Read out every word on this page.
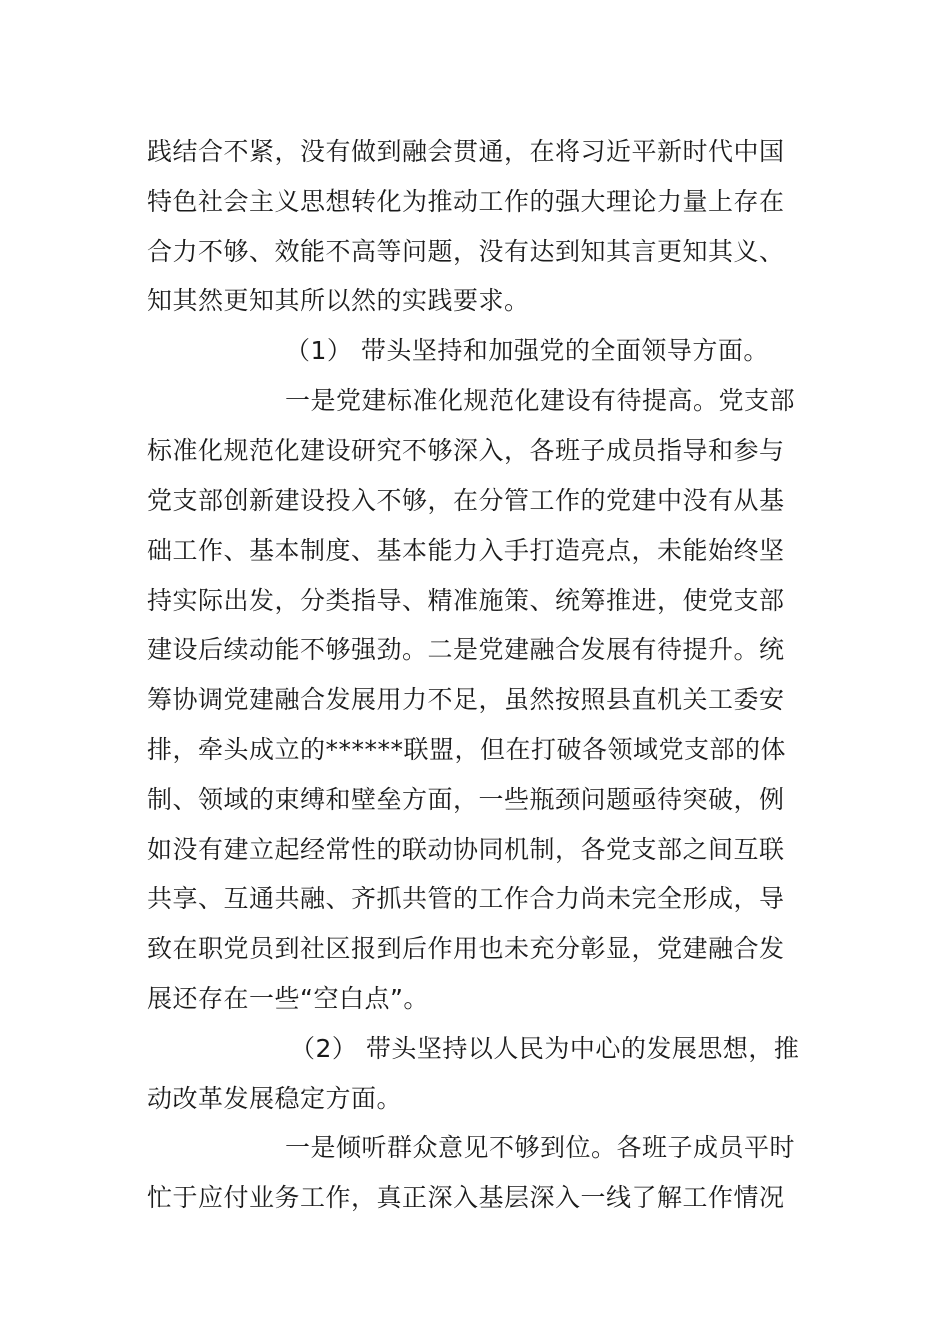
践结合不紧，没有做到融会贯通，在将习近平新时代中国
特色社会主义思想转化为推动工作的强大理论力量上存在
合力不够、效能不高等问题，没有达到知其言更知其义、
知其然更知其所以然的实践要求。
（1） 带头坚持和加强党的全面领导方面。
一是党建标准化规范化建设有待提高。党支部
标准化规范化建设研究不够深入，各班子成员指导和参与
党支部创新建设投入不够，在分管工作的党建中没有从基
础工作、基本制度、基本能力入手打造亮点，未能始终坚
持实际出发，分类指导、精准施策、统筹推进，使党支部
建设后续动能不够强劲。二是党建融合发展有待提升。统
筹协调党建融合发展用力不足，虽然按照县直机关工委安
排，牵头成立的******联盟，但在打破各领域党支部的体
制、领域的束缚和壁垒方面，一些瓶颈问题亟待突破，例
如没有建立起经常性的联动协同机制，各党支部之间互联
共享、互通共融、齐抓共管的工作合力尚未完全形成，导
致在职党员到社区报到后作用也未充分彰显，党建融合发
展还存在一些“空白点”。
（2） 带头坚持以人民为中心的发展思想，推
动改革发展稳定方面。
一是倾听群众意见不够到位。各班子成员平时
忙于应付业务工作，真正深入基层深入一线了解工作情况
